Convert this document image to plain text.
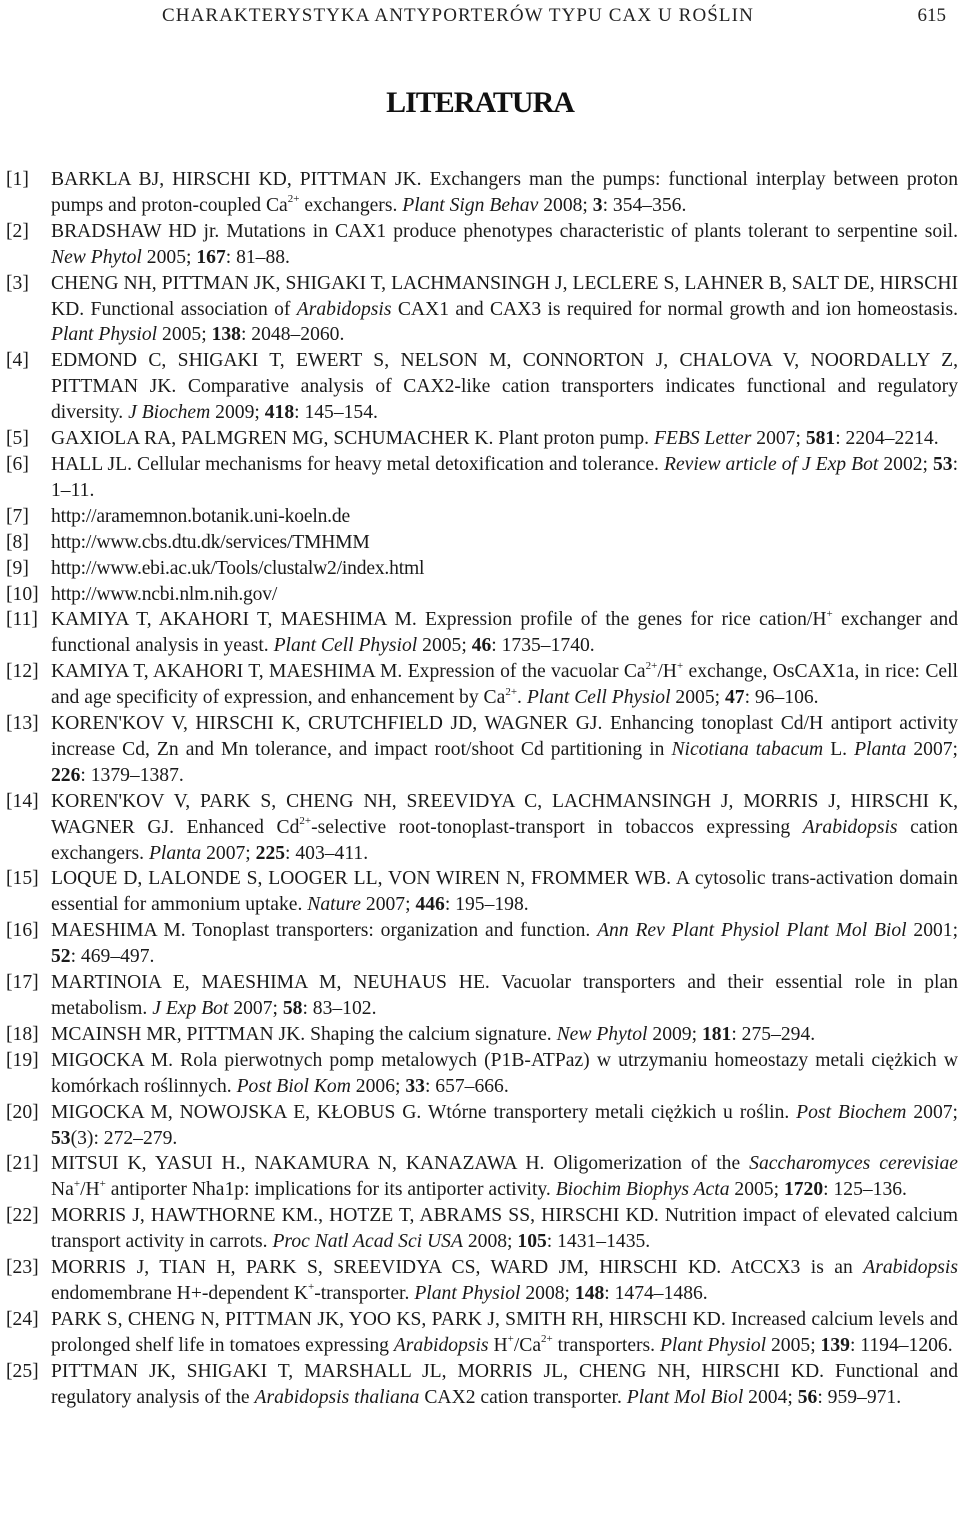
CHARAKTERYSTYKA ANTYPORTERÓW TYPU CAX U ROŚLIN	615
LITERATURA
[1] BARKLA BJ, HIRSCHI KD, PITTMAN JK. Exchangers man the pumps: functional interplay between proton pumps and proton-coupled $Ca^{2+}$ exchangers. Plant Sign Behav 2008; 3: 354–356.
[2] BRADSHAW HD jr. Mutations in CAX1 produce phenotypes characteristic of plants tolerant to serpentine soil. New Phytol 2005; 167: 81–88.
[3] CHENG NH, PITTMAN JK, SHIGAKI T, LACHMANSINGH J, LECLERE S, LAHNER B, SALT DE, HIRSCHI KD. Functional association of Arabidopsis CAX1 and CAX3 is required for normal growth and ion homeostasis. Plant Physiol 2005; 138: 2048–2060.
[4] EDMOND C, SHIGAKI T, EWERT S, NELSON M, CONNORTON J, CHALOVA V, NOORDALLY Z, PITTMAN JK. Comparative analysis of CAX2-like cation transporters indicates functional and regulatory diversity. J Biochem 2009; 418: 145–154.
[5] GAXIOLA RA, PALMGREN MG, SCHUMACHER K. Plant proton pump. FEBS Letter 2007; 581: 2204–2214.
[6] HALL JL. Cellular mechanisms for heavy metal detoxification and tolerance. Review article of J Exp Bot 2002; 53: 1–11.
[7] http://aramemnon.botanik.uni-koeln.de
[8] http://www.cbs.dtu.dk/services/TMHMM
[9] http://www.ebi.ac.uk/Tools/clustalw2/index.html
[10] http://www.ncbi.nlm.nih.gov/
[11] KAMIYA T, AKAHORI T, MAESHIMA M. Expression profile of the genes for rice cation/H+ exchanger and functional analysis in yeast. Plant Cell Physiol 2005; 46: 1735–1740.
[12] KAMIYA T, AKAHORI T, MAESHIMA M. Expression of the vacuolar $Ca^{2+}/H^+$ exchange, OsCAX1a, in rice: Cell and age specificity of expression, and enhancement by $Ca^{2+}$. Plant Cell Physiol 2005; 47: 96–106.
[13] KOREN'KOV V, HIRSCHI K, CRUTCHFIELD JD, WAGNER GJ. Enhancing tonoplast Cd/H antiport activity increase Cd, Zn and Mn tolerance, and impact root/shoot Cd partitioning in Nicotiana tabacum L. Planta 2007; 226: 1379–1387.
[14] KOREN'KOV V, PARK S, CHENG NH, SREEVIDYA C, LACHMANSINGH J, MORRIS J, HIRSCHI K, WAGNER GJ. Enhanced $Cd^{2+}$-selective root-tonoplast-transport in tobaccos expressing Arabidopsis cation exchangers. Planta 2007; 225: 403–411.
[15] LOQUE D, LALONDE S, LOOGER LL, VON WIREN N, FROMMER WB. A cytosolic trans-activation domain essential for ammonium uptake. Nature 2007; 446: 195–198.
[16] MAESHIMA M. Tonoplast transporters: organization and function. Ann Rev Plant Physiol Plant Mol Biol 2001; 52: 469–497.
[17] MARTINOIA E, MAESHIMA M, NEUHAUS HE. Vacuolar transporters and their essential role in plan metabolism. J Exp Bot 2007; 58: 83–102.
[18] MCAINSH MR, PITTMAN JK. Shaping the calcium signature. New Phytol 2009; 181: 275–294.
[19] MIGOCKA M. Rola pierwotnych pomp metalowych (P1B-ATPaz) w utrzymaniu homeostazy metali ciężkich w komórkach roślinnych. Post Biol Kom 2006; 33: 657–666.
[20] MIGOCKA M, NOWOJSKA E, KŁOBUS G. Wtórne transportery metali ciężkich u roślin. Post Biochem 2007; 53(3): 272–279.
[21] MITSUI K, YASUI H., NAKAMURA N, KANAZAWA H. Oligomerization of the Saccharomyces cerevisiae Na+/H+ antiporter Nha1p: implications for its antiporter activity. Biochim Biophys Acta 2005; 1720: 125–136.
[22] MORRIS J, HAWTHORNE KM., HOTZE T, ABRAMS SS, HIRSCHI KD. Nutrition impact of elevated calcium transport activity in carrots. Proc Natl Acad Sci USA 2008; 105: 1431–1435.
[23] MORRIS J, TIAN H, PARK S, SREEVIDYA CS, WARD JM, HIRSCHI KD. AtCCX3 is an Arabidopsis endomembrane H+-dependent K+-transporter. Plant Physiol 2008; 148: 1474–1486.
[24] PARK S, CHENG N, PITTMAN JK, YOO KS, PARK J, SMITH RH, HIRSCHI KD. Increased calcium levels and prolonged shelf life in tomatoes expressing Arabidopsis $H^+/Ca^{2+}$ transporters. Plant Physiol 2005; 139: 1194–1206.
[25] PITTMAN JK, SHIGAKI T, MARSHALL JL, MORRIS JL, CHENG NH, HIRSCHI KD. Functional and regulatory analysis of the Arabidopsis thaliana CAX2 cation transporter. Plant Mol Biol 2004; 56: 959–971.
